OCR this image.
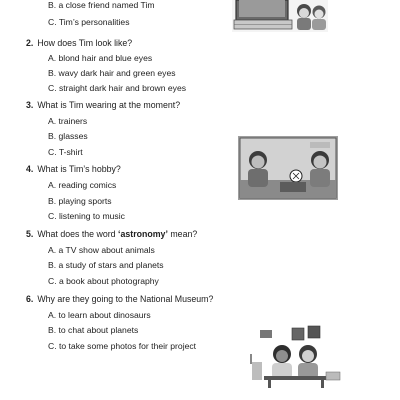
B. a close friend named Tim
C. Tim’s personalities
2. How does Tim look like?
A. blond hair and blue eyes
B. wavy dark hair and green eyes
C. straight dark hair and brown eyes
3. What is Tim wearing at the moment?
A. trainers
B. glasses
C. T-shirt
4. What is Tim’s hobby?
A. reading comics
B. playing sports
C. listening to music
5. What does the word ‘astronomy’ mean?
A. a TV show about animals
B. a study of stars and planets
C. a book about photography
6. Why are they going to the National Museum?
A. to learn about dinosaurs
B. to chat about planets
C. to take some photos for their project
